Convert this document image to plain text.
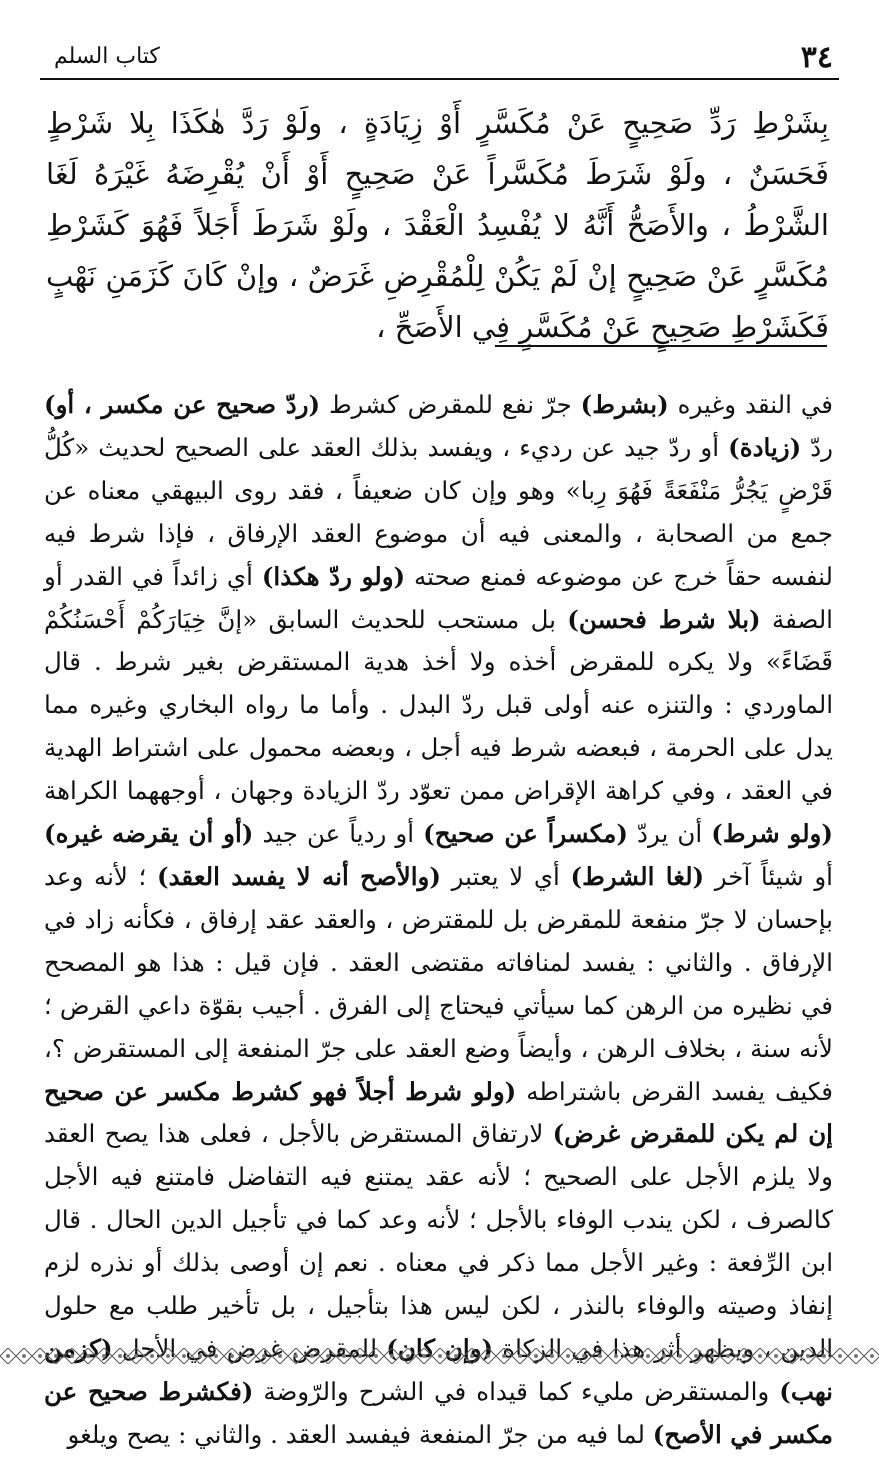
٣٤
كتاب السلم

بِشَرْطِ رَدِّ صَحِيحٍ عَنْ مُكَسَّرٍ أَوْ زِيَادَةٍ ، ولَوْ رَدَّ هٰكَذَا بِلا شَرْطٍ فَحَسَنٌ ، ولَوْ شَرَطَ مُكَسَّراً عَنْ صَحِيحٍ أَوْ أَنْ يُقْرِضَهُ غَيْرَهُ لَغَا الشَّرْطُ ، والأَصَحُّ أَنَّهُ لا يُفْسِدُ الْعَقْدَ ، ولَوْ شَرَطَ أَجَلاً فَهُوَ كَشَرْطِ مُكَسَّرٍ عَنْ صَحِيحٍ إنْ لَمْ يَكُنْ لِلْمُقْرِضِ غَرَضٌ ، وإنْ كَانَ كَزَمَنِ نَهْبٍ فَكَشَرْطِ صَحِيحٍ عَنْ مُكَسَّرٍ فِي الأَصَحِّ ،

في النقد وغيره (بشرط) جرّ نفع للمقرض كشرط (ردّ صحيح عن مكسر ، أو) ردّ (زيادة) أو ردّ جيد عن رديء ، ويفسد بذلك العقد على الصحيح لحديث «كُلُّ قَرْضٍ يَجُرُّ مَنْفَعَةً فَهُوَ رِبا» وهو وإن كان ضعيفاً ، فقد روى البيهقي معناه عن جمع من الصحابة ، والمعنى فيه أن موضوع العقد الإرفاق ، فإذا شرط فيه لنفسه حقاً خرج عن موضوعه فمنع صحته (ولو ردّ هكذا) أي زائداً في القدر أو الصفة (بلا شرط فحسن) بل مستحب للحديث السابق «إنَّ خِيَارَكُمْ أَحْسَنُكُمْ قَضَاءً» ولا يكره للمقرض أخذه ولا أخذ هدية المستقرض بغير شرط . قال الماوردي : والتنزه عنه أولى قبل ردّ البدل . وأما ما رواه البخاري وغيره مما يدل على الحرمة ، فبعضه شرط فيه أجل ، وبعضه محمول على اشتراط الهدية في العقد ، وفي كراهة الإقراض ممن تعوّد ردّ الزيادة وجهان ، أوجههما الكراهة (ولو شرط) أن يردّ (مكسراً عن صحيح) أو ردياً عن جيد (أو أن يقرضه غيره) أو شيئاً آخر (لغا الشرط) أي لا يعتبر (والأصح أنه لا يفسد العقد) ؛ لأنه وعد بإحسان لا جرّ منفعة للمقرض بل للمقترض ، والعقد عقد إرفاق ، فكأنه زاد في الإرفاق . والثاني : يفسد لمنافاته مقتضى العقد . فإن قيل : هذا هو المصحح في نظيره من الرهن كما سيأتي فيحتاج إلى الفرق . أجيب بقوّة داعي القرض ؛ لأنه سنة ، بخلاف الرهن ، وأيضاً وضع العقد على جرّ المنفعة إلى المستقرض ؟، فكيف يفسد القرض باشتراطه (ولو شرط أجلاً فهو كشرط مكسر عن صحيح إن لم يكن للمقرض غرض) لارتفاق المستقرض بالأجل ، فعلى هذا يصح العقد ولا يلزم الأجل على الصحيح ؛ لأنه عقد يمتنع فيه التفاضل فامتنع فيه الأجل كالصرف ، لكن يندب الوفاء بالأجل ؛ لأنه وعد كما في تأجيل الدين الحال . قال ابن الرِّفعة : وغير الأجل مما ذكر في معناه . نعم إن أوصى بذلك أو نذره لزم إنفاذ وصيته والوفاء بالنذر ، لكن ليس هذا بتأجيل ، بل تأخير طلب مع حلول نهب) والمستقرض مليء كما قيداه في الشرح والرّوضة (فكشرط صحيح عن مكسر في الأصح) لما فيه من جرّ المنفعة فيفسد العقد . والثاني : يصح ويلغو
